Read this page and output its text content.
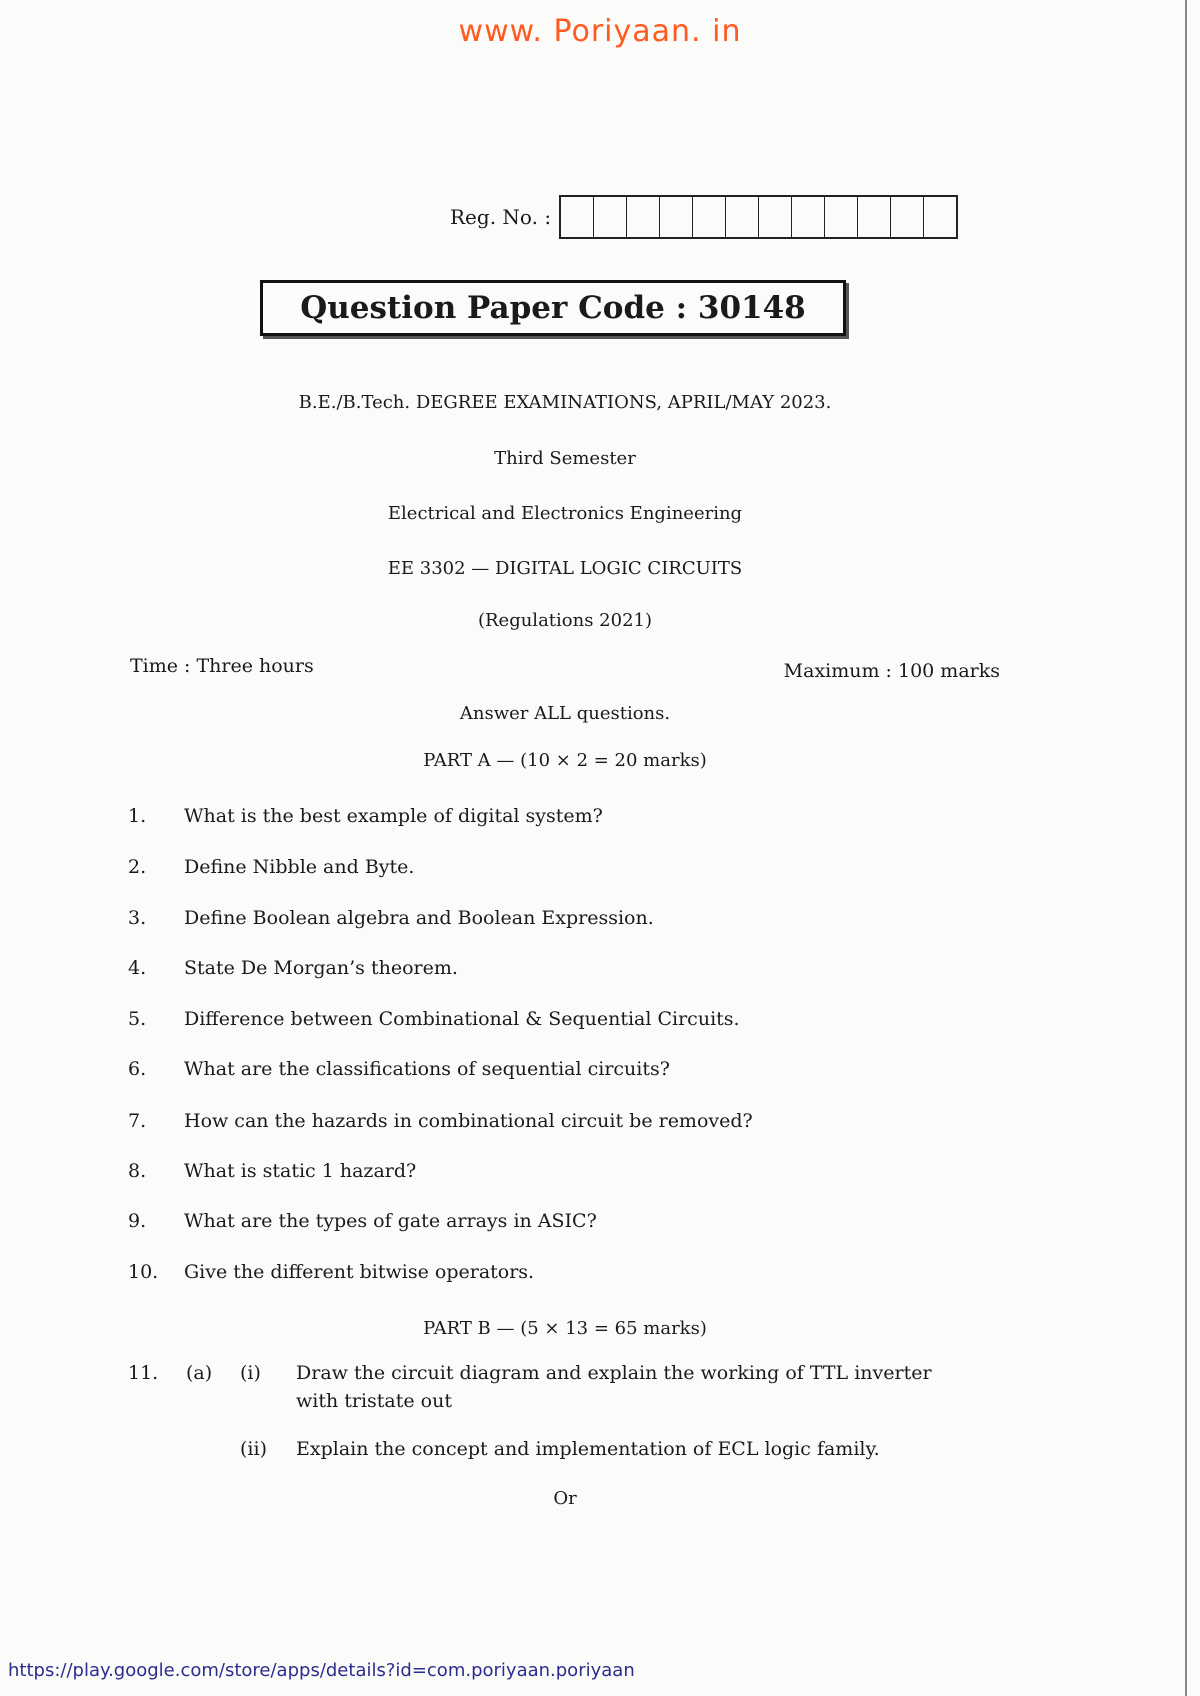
www. Poriyaan. in
Reg. No. :
Question Paper Code : 30148
B.E./B.Tech. DEGREE EXAMINATIONS, APRIL/MAY 2023.
Third Semester
Electrical and Electronics Engineering
EE 3302 — DIGITAL LOGIC CIRCUITS
(Regulations 2021)
Time : Three hours	Maximum : 100 marks
Answer ALL questions.
PART A — (10 × 2 = 20 marks)
1.	What is the best example of digital system?
2.	Define Nibble and Byte.
3.	Define Boolean algebra and Boolean Expression.
4.	State De Morgan’s theorem.
5.	Difference between Combinational & Sequential Circuits.
6.	What are the classifications of sequential circuits?
7.	How can the hazards in combinational circuit be removed?
8.	What is static 1 hazard?
9.	What are the types of gate arrays in ASIC?
10.	Give the different bitwise operators.
PART B — (5 × 13 = 65 marks)
11. (a) (i) Draw the circuit diagram and explain the working of TTL inverter
with tristate out
(ii) Explain the concept and implementation of ECL logic family.
Or
https://play.google.com/store/apps/details?id=com.poriyaan.poriyaan
